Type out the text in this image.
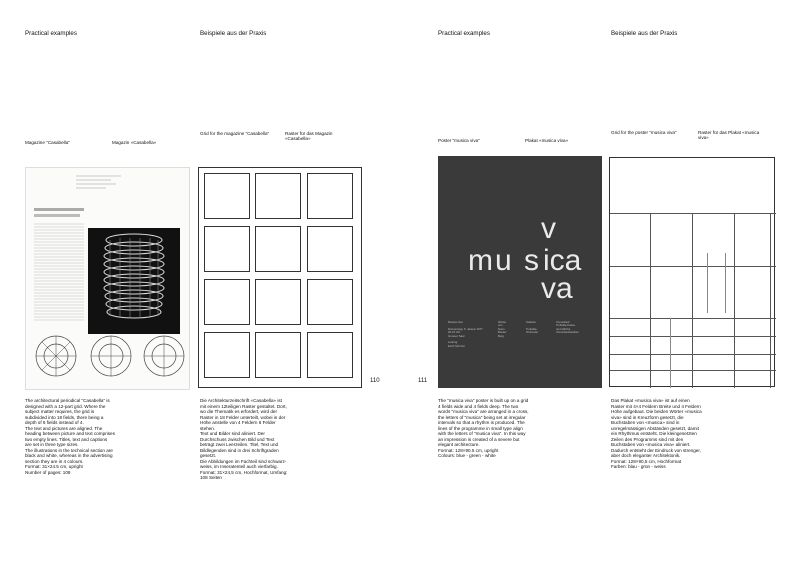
Practical examples	Beispiele aus der Praxis	Practical examples	Beispiele aus der Praxis
Magazine "Casabella"	Magazin «Casabella»
Grid for the magazine "Casabella"	Raster für das Magazin «Casabella»	Poster "musica viva"	Plakat «musica viva»
Grid for the poster "musica viva"	Raster für das Plakat «musica viva»
110	111
mu s ica
v
va
Musica viva

Donnerstag, 6. Januar 1977
20.15 Uhr
Grosser Saal

Leitung:
Erich Schmid
Werke
von
Nono
Boulez
Berg
Solisten

Tonhalle-
Orchester
Vorverkauf
Tonhalle-Kasse
und übliche
Vorverkaufsstellen
The architectural periodical "Casabella" is designed with a 12-part grid. Where the subject matter requires, the grid is subdivided into 18 fields, there being a depth of 6 fields instead of 4.
The text and pictures are aligned. The heading between picture and text comprises two empty lines. Titles, text and captions are set in three type sizes.
The illustrations in the technical section are black and white, whereas in the advertising section they are in 4 colours.
Format: 31×24.5 cm, upright
Number of pages: 108
Die Architekturzeitschrift «Casabella» ist mit einem 12teiligen Raster gestaltet. Dort, wo die Thematik es erfordert, wird der Raster in 18 Felder unterteilt, wobei in der Höhe anstelle von 4 Feldern 6 Felder stehen.
Text und Bilder sind aliniert. Der Durchschuss zwischen Bild und Text beträgt zwei Leerzeilen. Titel, Text und Bildlegenden sind in drei Schriftgraden gesetzt.
Die Abbildungen im Fachteil sind schwarz-weiss, im Inseratenteil auch vierfarbig.
Format: 31×24,5 cm, Hochformat, Umfang: 108 Seiten
The "musica viva" poster is built up on a grid 4 fields wide and 4 fields deep. The two words "musica viva" are arranged in a cross, the letters of "musica" being set at irregular intervals so that a rhythm is produced. The lines of the programme in small type align with the letters of "musica viva". In this way an impression is created of a severe but elegant architecture.
Format: 128×90.5 cm, upright
Colours: blue - green - white
Das Plakat «musica viva» ist auf einen Raster mit 4×4 Feldern Breite und 4 Feldern Höhe aufgebaut. Die beiden Wörter «musica viva» sind in Kreuzform gesetzt, die Buchstaben von «musica» sind in unregelmässigen Abständen gesetzt, damit ein Rhythmus entsteht. Die kleingesetzten Zeilen des Programms sind mit den Buchstaben von «musica viva» aliniert. Dadurch entsteht der Eindruck von strenger, aber doch eleganter Architektonik.
Format: 128×90,5 cm, Hochformat
Farben: blau - grün - weiss
